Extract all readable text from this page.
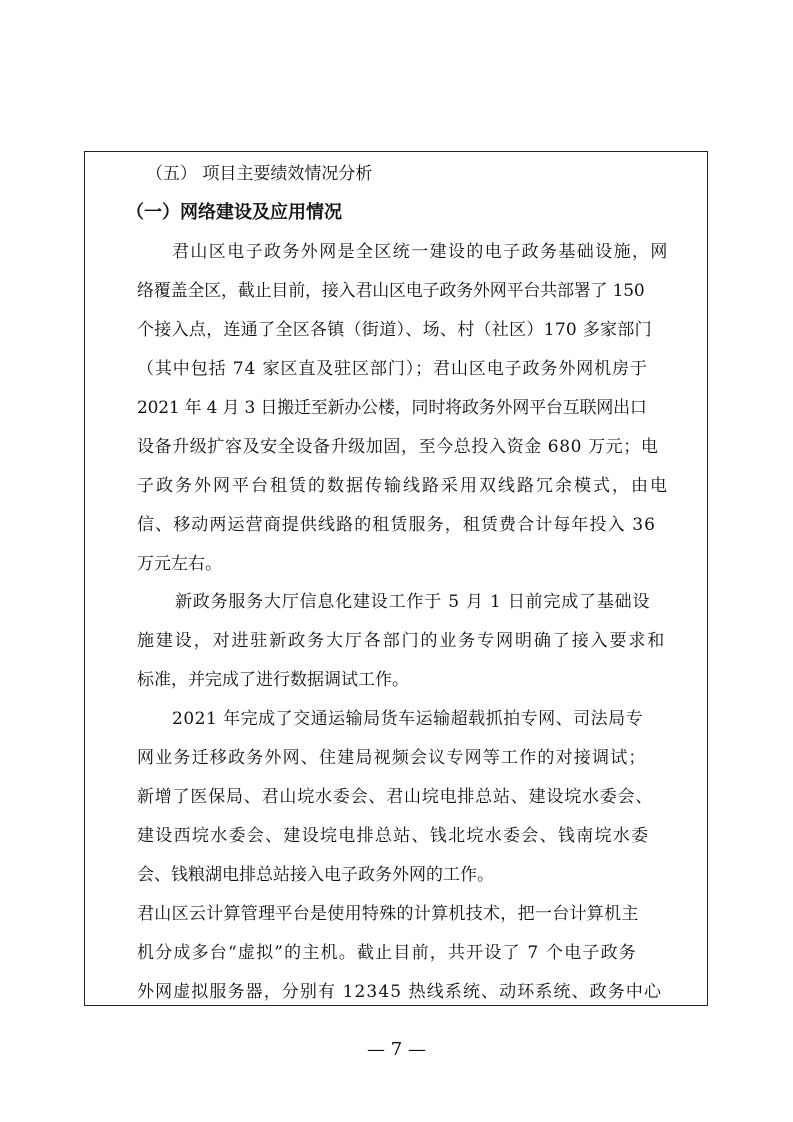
（五） 项目主要绩效情况分析
（一）网络建设及应用情况
君山区电子政务外网是全区统一建设的电子政务基础设施，网
络覆盖全区，截止目前，接入君山区电子政务外网平台共部署了 150
个接入点，连通了全区各镇（街道）、场、村（社区）170 多家部门
（其中包括 74 家区直及驻区部门）；君山区电子政务外网机房于
2021 年 4 月 3 日搬迁至新办公楼，同时将政务外网平台互联网出口
设备升级扩容及安全设备升级加固，至今总投入资金 680 万元；电
子政务外网平台租赁的数据传输线路采用双线路冗余模式，由电
信、移动两运营商提供线路的租赁服务，租赁费合计每年投入 36
万元左右。
新政务服务大厅信息化建设工作于 5 月 1 日前完成了基础设
施建设，对进驻新政务大厅各部门的业务专网明确了接入要求和
标准，并完成了进行数据调试工作。
2021 年完成了交通运输局货车运输超载抓拍专网、司法局专
网业务迁移政务外网、住建局视频会议专网等工作的对接调试；
新增了医保局、君山垸水委会、君山垸电排总站、建设垸水委会、
建设西垸水委会、建设垸电排总站、钱北垸水委会、钱南垸水委
会、钱粮湖电排总站接入电子政务外网的工作。
君山区云计算管理平台是使用特殊的计算机技术，把一台计算机主
机分成多台“虚拟”的主机。截止目前，共开设了 7 个电子政务
外网虚拟服务器，分别有 12345 热线系统、动环系统、政务中心
— 7 —
